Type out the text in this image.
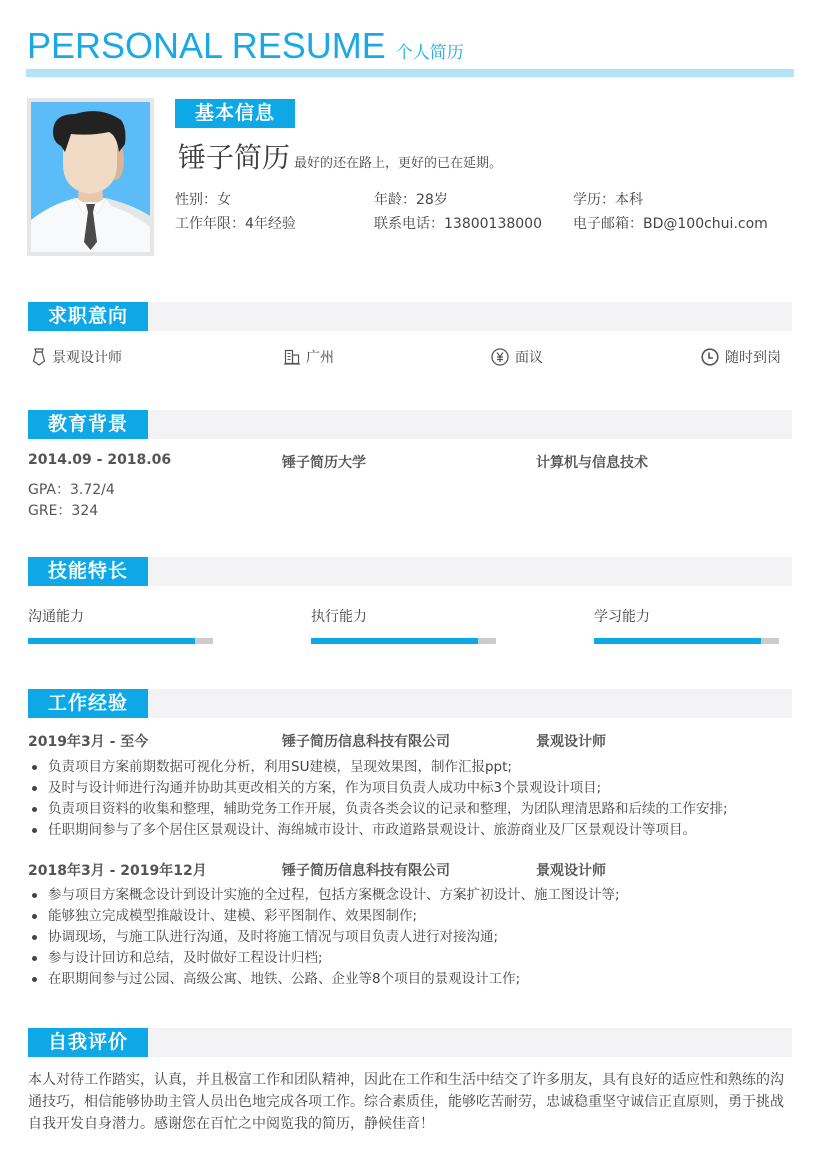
PERSONAL RESUME 个人简历
基本信息
锤子简历 最好的还在路上，更好的已在延期。
性别：女	年龄：28岁	学历：本科
工作年限：4年经验	联系电话：13800138000	电子邮箱：BD@100chui.com
求职意向
景观设计师	广州	面议	随时到岗
教育背景
2014.09 - 2018.06	锤子简历大学	计算机与信息技术
GPA：3.72/4
GRE：324
技能特长
沟通能力	执行能力	学习能力
工作经验
2019年3月 - 至今	锤子简历信息科技有限公司	景观设计师
负责项目方案前期数据可视化分析，利用SU建模，呈现效果图，制作汇报ppt;
及时与设计师进行沟通并协助其更改相关的方案，作为项目负责人成功中标3个景观设计项目;
负责项目资料的收集和整理，辅助党务工作开展，负责各类会议的记录和整理，为团队理清思路和后续的工作安排;
任职期间参与了多个居住区景观设计、海绵城市设计、市政道路景观设计、旅游商业及厂区景观设计等项目。
2018年3月 - 2019年12月	锤子简历信息科技有限公司	景观设计师
参与项目方案概念设计到设计实施的全过程，包括方案概念设计、方案扩初设计、施工图设计等;
能够独立完成模型推敲设计、建模、彩平图制作、效果图制作;
协调现场，与施工队进行沟通，及时将施工情况与项目负责人进行对接沟通;
参与设计回访和总结，及时做好工程设计归档;
在职期间参与过公园、高级公寓、地铁、公路、企业等8个项目的景观设计工作;
自我评价

本人对待工作踏实，认真，并且极富工作和团队精神，因此在工作和生活中结交了许多朋友，具有良好的适应性和熟练的沟通技巧，相信能够协助主管人员出色地完成各项工作。综合素质佳，能够吃苦耐劳，忠诚稳重坚守诚信正直原则，勇于挑战自我开发自身潜力。感谢您在百忙之中阅览我的简历，静候佳音！
